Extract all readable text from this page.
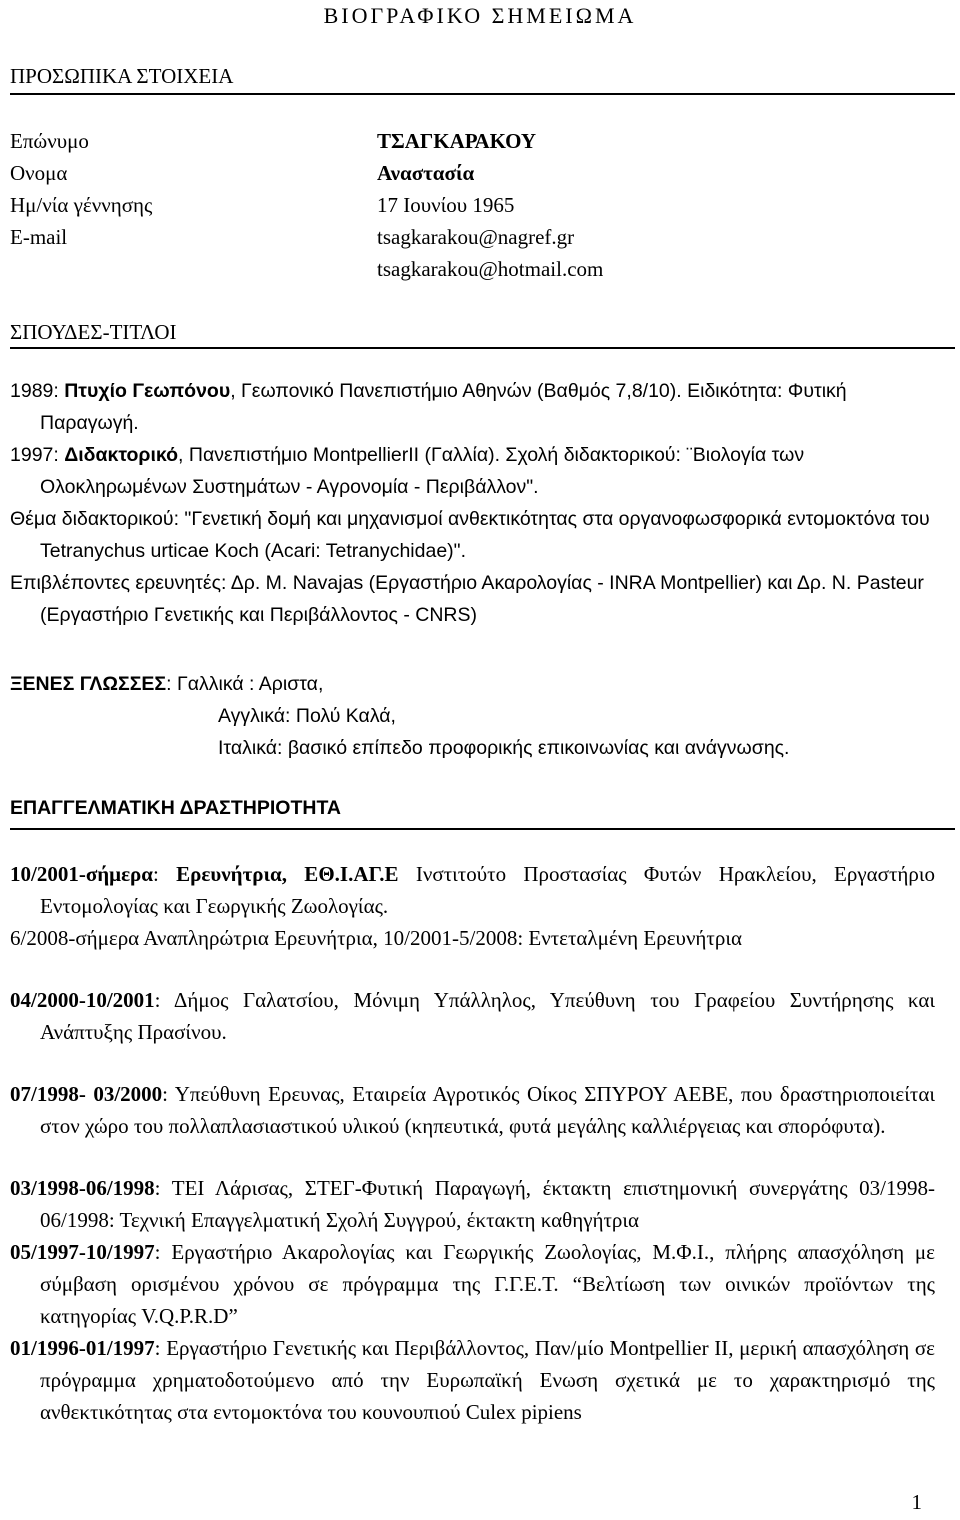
ΒΙΟΓΡΑΦΙΚΟ ΣΗΜΕΙΩΜΑ
ΠΡΟΣΩΠΙΚΑ ΣΤΟΙΧΕΙΑ
Επώνυμο	ΤΣΑΓΚΑΡΑΚΟΥ
Ονομα	Αναστασία
Ημ/νία γέννησης	17 Ιουνίου 1965
E-mail	tsagkarakou@nagref.gr
tsagkarakou@hotmail.com
ΣΠΟΥΔΕΣ-ΤΙΤΛΟΙ

1989: Πτυχίο Γεωπόνου, Γεωπονικό Πανεπιστήμιο Αθηνών (Βαθμός 7,8/10). Ειδικότητα: Φυτική Παραγωγή.

1997: Διδακτορικό, Πανεπιστήμιο MontpellierII (Γαλλία). Σχολή διδακτορικού: ¨Βιολογία των Ολοκληρωμένων Συστημάτων - Αγρονομία - Περιβάλλον".

Θέμα διδακτορικού: "Γενετική δομή και μηχανισμοί ανθεκτικότητας στα οργανοφωσφορικά εντομοκτόνα του Tetranychus urticae Koch (Acari: Tetranychidae)".

Επιβλέποντες ερευνητές: Δρ. Μ. Navajas (Εργαστήριο Ακαρολογίας - INRA Montpellier) και Δρ. Ν. Pasteur (Εργαστήριο Γενετικής και Περιβάλλοντος - CNRS)

ΞΕΝΕΣ ΓΛΩΣΣΕΣ: Γαλλικά : Αριστα,

Αγγλικά: Πολύ Καλά,

Ιταλικά: βασικό επίπεδο προφορικής επικοινωνίας και ανάγνωσης.

ΕΠΑΓΓΕΛΜΑΤΙΚΗ ΔΡΑΣΤΗΡΙΟΤΗΤΑ

10/2001-σήμερα: Ερευνήτρια, ΕΘ.Ι.ΑΓ.Ε Ινστιτούτο Προστασίας Φυτών Ηρακλείου, Εργαστήριο Εντομολογίας και Γεωργικής Ζωολογίας.

6/2008-σήμερα Αναπληρώτρια Ερευνήτρια, 10/2001-5/2008: Εντεταλμένη Ερευνήτρια

04/2000-10/2001: Δήμος Γαλατσίου, Μόνιμη Υπάλληλος, Υπεύθυνη του Γραφείου Συντήρησης και Ανάπτυξης Πρασίνου.

07/1998- 03/2000: Υπεύθυνη Ερευνας, Εταιρεία Αγροτικός Οίκος ΣΠΥΡΟΥ ΑΕΒΕ, που δραστηριοποιείται στον χώρο του πολλαπλασιαστικού υλικού (κηπευτικά, φυτά μεγάλης καλλιέργειας και σπορόφυτα).

03/1998-06/1998: ΤΕΙ Λάρισας, ΣΤΕΓ-Φυτική Παραγωγή, έκτακτη επιστημονική συνεργάτης 03/1998-06/1998: Τεχνική Επαγγελματική Σχολή Συγγρού, έκτακτη καθηγήτρια

05/1997-10/1997: Εργαστήριο Ακαρολογίας και Γεωργικής Ζωολογίας, Μ.Φ.Ι., πλήρης απασχόληση με σύμβαση ορισμένου χρόνου σε πρόγραμμα της Γ.Γ.Ε.Τ. “Βελτίωση των οινικών προϊόντων της κατηγορίας V.Q.P.R.D”

01/1996-01/1997: Εργαστήριο Γενετικής και Περιβάλλοντος, Παν/μίο Montpellier II, μερική απασχόληση σε πρόγραμμα χρηματοδοτούμενο από την Ευρωπαϊκή Ενωση σχετικά με το χαρακτηρισμό της ανθεκτικότητας στα εντομοκτόνα του κουνουπιού Culex pipiens

1
